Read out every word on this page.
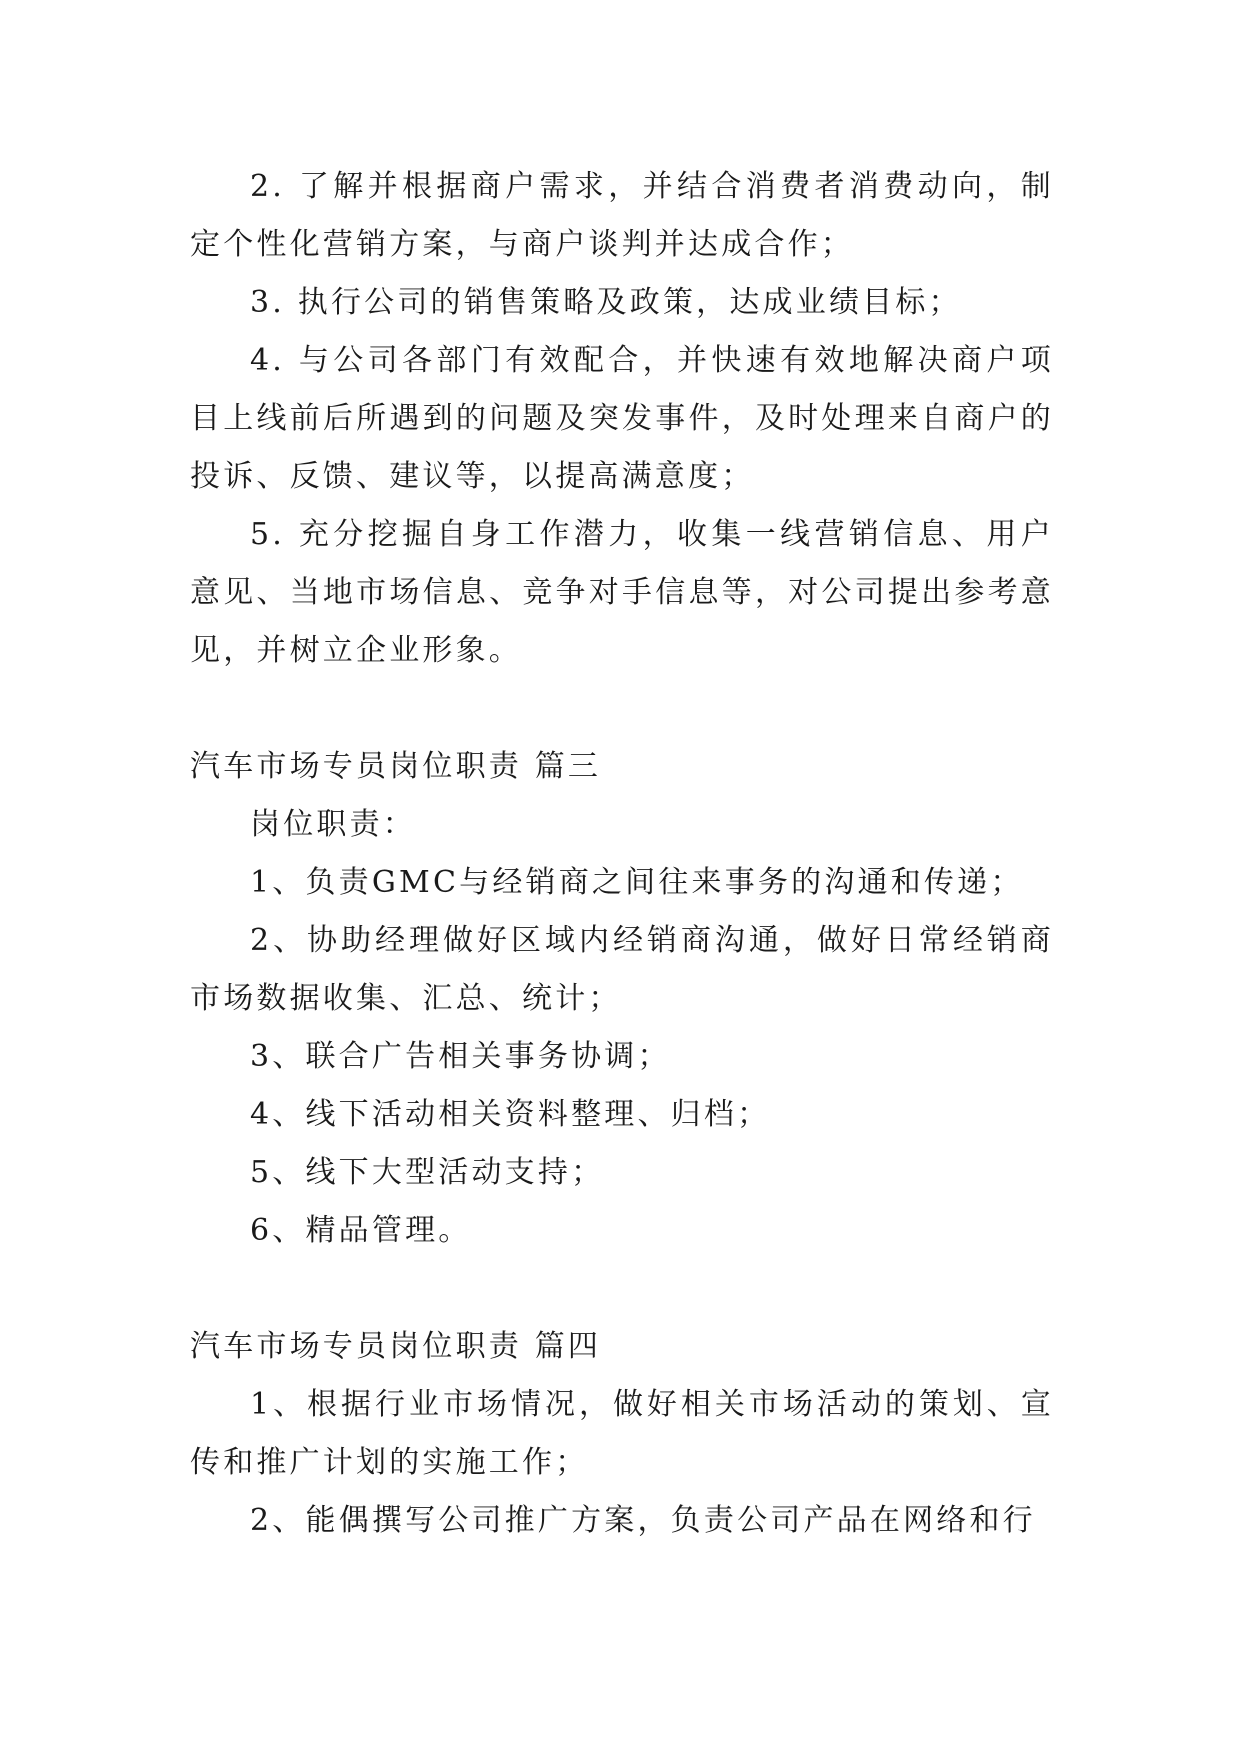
2. 了解并根据商户需求，并结合消费者消费动向，制定个性化营销方案，与商户谈判并达成合作；

3. 执行公司的销售策略及政策，达成业绩目标；

4. 与公司各部门有效配合，并快速有效地解决商户项目上线前后所遇到的问题及突发事件，及时处理来自商户的投诉、反馈、建议等，以提高满意度；

5. 充分挖掘自身工作潜力，收集一线营销信息、用户意见、当地市场信息、竞争对手信息等，对公司提出参考意见，并树立企业形象。

汽车市场专员岗位职责 篇三

岗位职责：

1、负责GMC与经销商之间往来事务的沟通和传递；

2、协助经理做好区域内经销商沟通，做好日常经销商市场数据收集、汇总、统计；

3、联合广告相关事务协调；

4、线下活动相关资料整理、归档；

5、线下大型活动支持；

6、精品管理。

汽车市场专员岗位职责 篇四

1、根据行业市场情况，做好相关市场活动的策划、宣传和推广计划的实施工作；

2、能偶撰写公司推广方案，负责公司产品在网络和行
